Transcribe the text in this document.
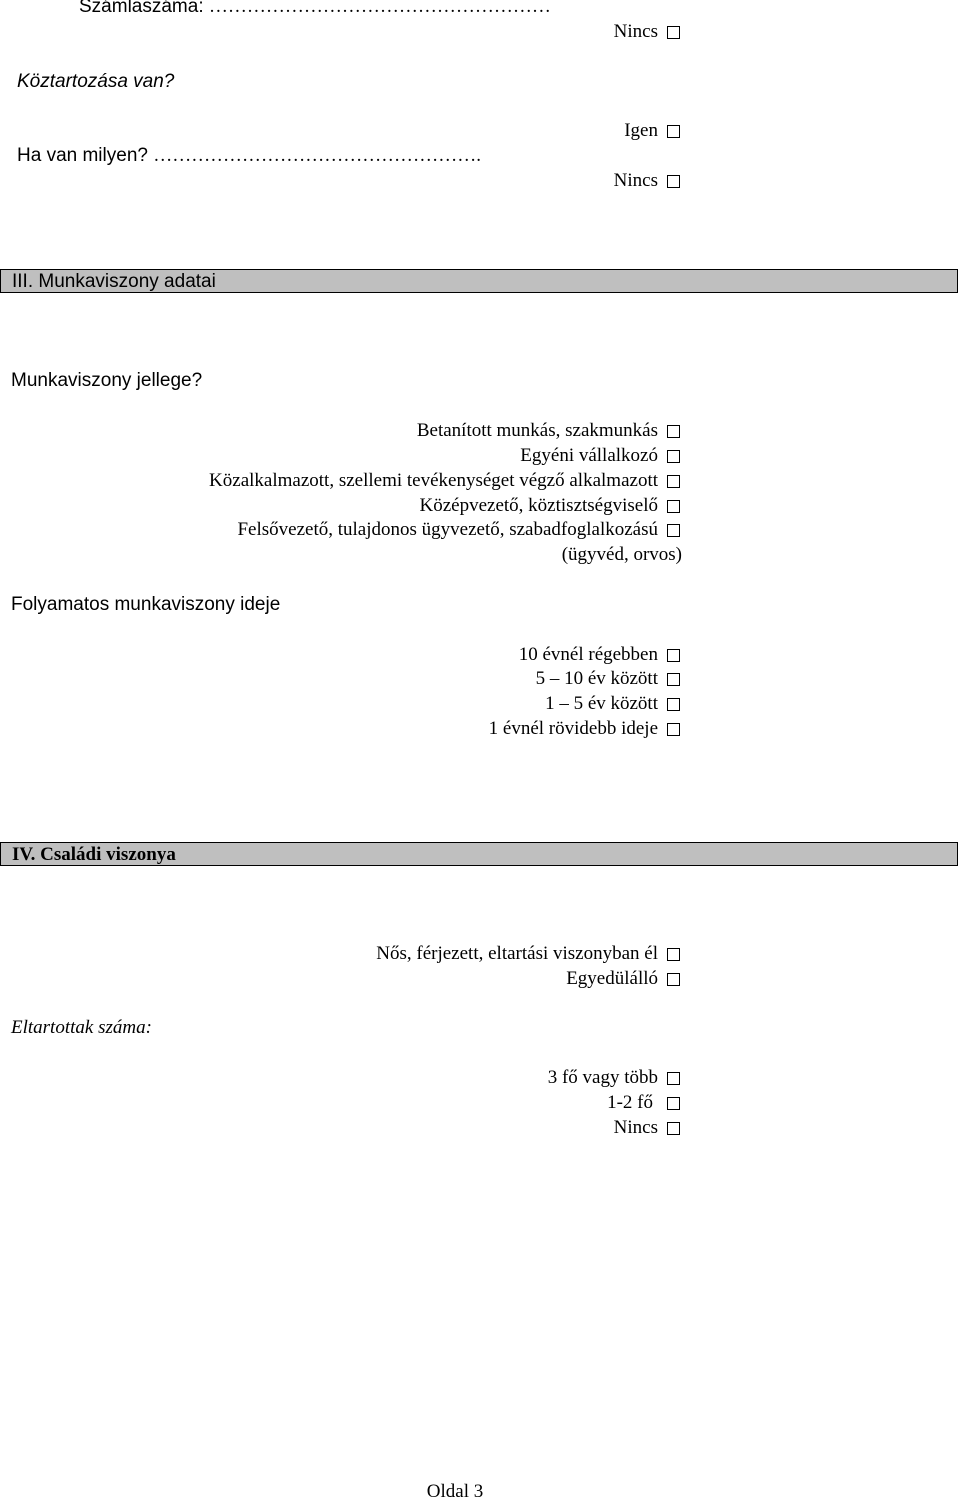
Számlaszáma: ………………………………………………
Nincs
Köztartozása van?
Igen
Ha van milyen? …………………………………………….
Nincs
III. Munkaviszony adatai
Munkaviszony jellege?
Betanított munkás, szakmunkás
Egyéni vállalkozó
Közalkalmazott, szellemi tevékenységet végző alkalmazott
Középvezető, köztisztségviselő
Felsővezető, tulajdonos ügyvezető, szabadfoglalkozású
(ügyvéd, orvos)
Folyamatos munkaviszony ideje
10 évnél régebben
5 – 10 év között
1 – 5 év között
1 évnél rövidebb ideje
IV. Családi viszonya
Nős, férjezett, eltartási viszonyban él
Egyedülálló
Eltartottak száma:
3 fő vagy több
1-2 fő
Nincs
Oldal 3
